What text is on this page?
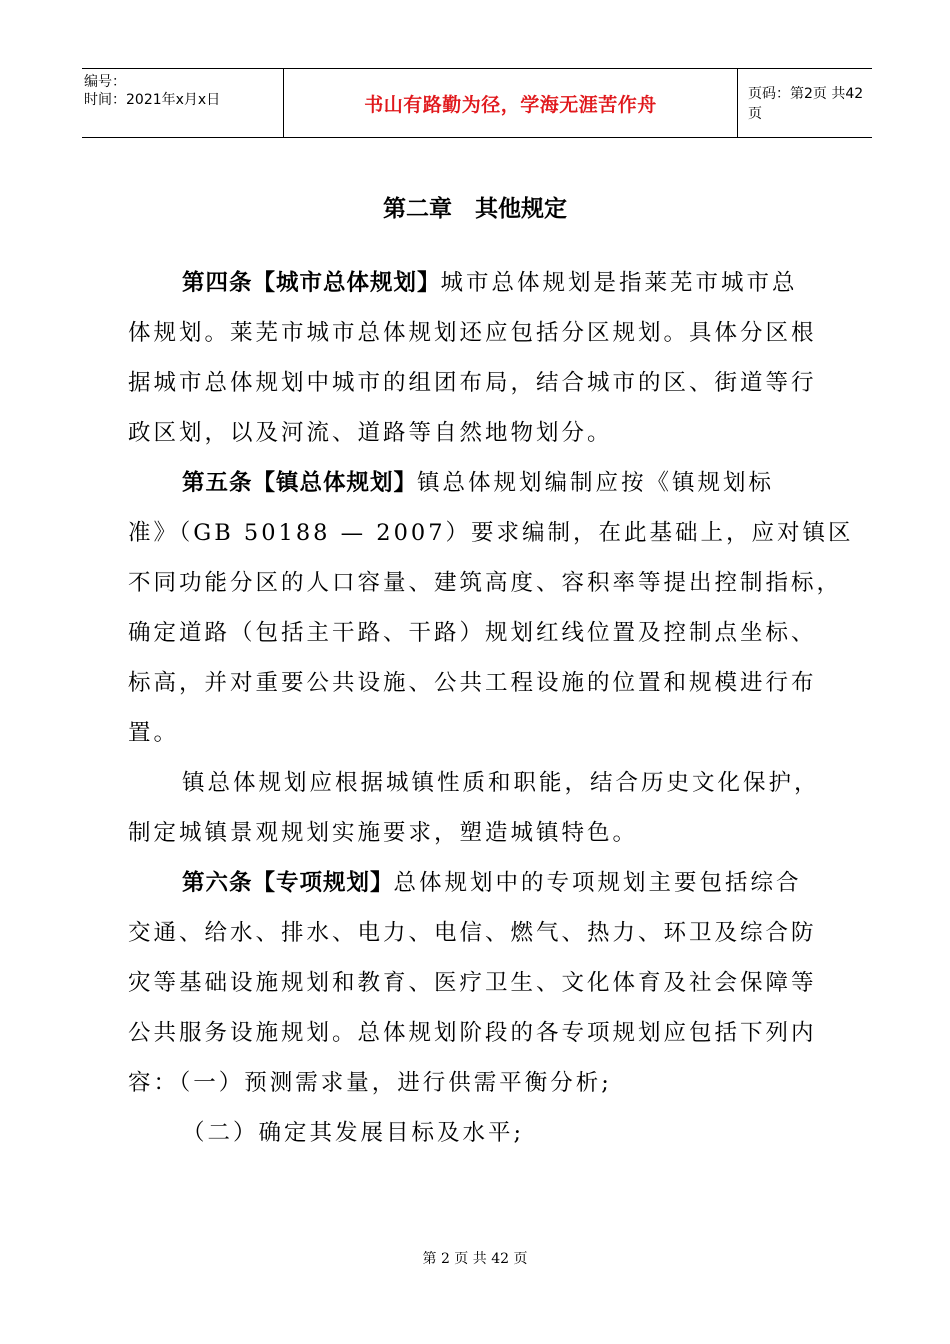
编号：
时间：2021年x月x日	书山有路勤为径，学海无涯苦作舟	页码：第2页 共42页
第二章　其他规定
第四条【城市总体规划】城市总体规划是指莱芜市城市总
体规划。莱芜市城市总体规划还应包括分区规划。具体分区根
据城市总体规划中城市的组团布局，结合城市的区、街道等行
政区划，以及河流、道路等自然地物划分。
第五条【镇总体规划】镇总体规划编制应按《镇规划标
准》（GB 50188 — 2007）要求编制，在此基础上，应对镇区
不同功能分区的人口容量、建筑高度、容积率等提出控制指标，
确定道路（包括主干路、干路）规划红线位置及控制点坐标、
标高，并对重要公共设施、公共工程设施的位置和规模进行布
置。
镇总体规划应根据城镇性质和职能，结合历史文化保护，
制定城镇景观规划实施要求，塑造城镇特色。
第六条【专项规划】总体规划中的专项规划主要包括综合
交通、给水、排水、电力、电信、燃气、热力、环卫及综合防
灾等基础设施规划和教育、医疗卫生、文化体育及社会保障等
公共服务设施规划。总体规划阶段的各专项规划应包括下列内
容：（一）预测需求量，进行供需平衡分析;
（二）确定其发展目标及水平;
第 2 页 共 42 页
